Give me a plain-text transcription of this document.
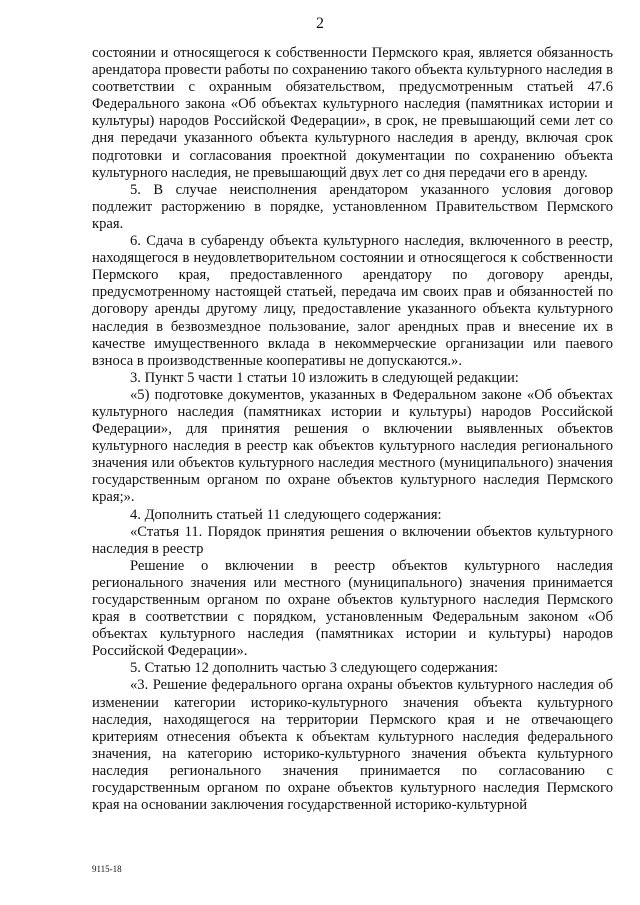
2

состоянии и относящегося к собственности Пермского края, является обязанность арендатора провести работы по сохранению такого объекта культурного наследия в соответствии с охранным обязательством, предусмотренным статьей 47.6 Федерального закона «Об объектах культурного наследия (памятниках истории и культуры) народов Российской Федерации», в срок, не превышающий семи лет со дня передачи указанного объекта культурного наследия в аренду, включая срок подготовки и согласования проектной документации по сохранению объекта культурного наследия, не превышающий двух лет со дня передачи его в аренду.

5. В случае неисполнения арендатором указанного условия договор подлежит расторжению в порядке, установленном Правительством Пермского края.

6. Сдача в субаренду объекта культурного наследия, включенного в реестр, находящегося в неудовлетворительном состоянии и относящегося к собственности Пермского края, предоставленного арендатору по договору аренды, предусмотренному настоящей статьей, передача им своих прав и обязанностей по договору аренды другому лицу, предоставление указанного объекта культурного наследия в безвозмездное пользование, залог арендных прав и внесение их в качестве имущественного вклада в некоммерческие организации или паевого взноса в производственные кооперативы не допускаются.».

3. Пункт 5 части 1 статьи 10 изложить в следующей редакции:

«5) подготовке документов, указанных в Федеральном законе «Об объектах культурного наследия (памятниках истории и культуры) народов Российской Федерации», для принятия решения о включении выявленных объектов культурного наследия в реестр как объектов культурного наследия регионального значения или объектов культурного наследия местного (муниципального) значения государственным органом по охране объектов культурного наследия Пермского края;».

4. Дополнить статьей 11 следующего содержания:

«Статья 11. Порядок принятия решения о включении объектов культурного наследия в реестр

Решение о включении в реестр объектов культурного наследия регионального значения или местного (муниципального) значения принимается государственным органом по охране объектов культурного наследия Пермского края в соответствии с порядком, установленным Федеральным законом «Об объектах культурного наследия (памятниках истории и культуры) народов Российской Федерации».

5. Статью 12 дополнить частью 3 следующего содержания:

«3. Решение федерального органа охраны объектов культурного наследия об изменении категории историко-культурного значения объекта культурного наследия, находящегося на территории Пермского края и не отвечающего критериям отнесения объекта к объектам культурного наследия федерального значения, на категорию историко-культурного значения объекта культурного наследия регионального значения принимается по согласованию с государственным органом по охране объектов культурного наследия Пермского края на основании заключения государственной историко-культурной

9115-18
